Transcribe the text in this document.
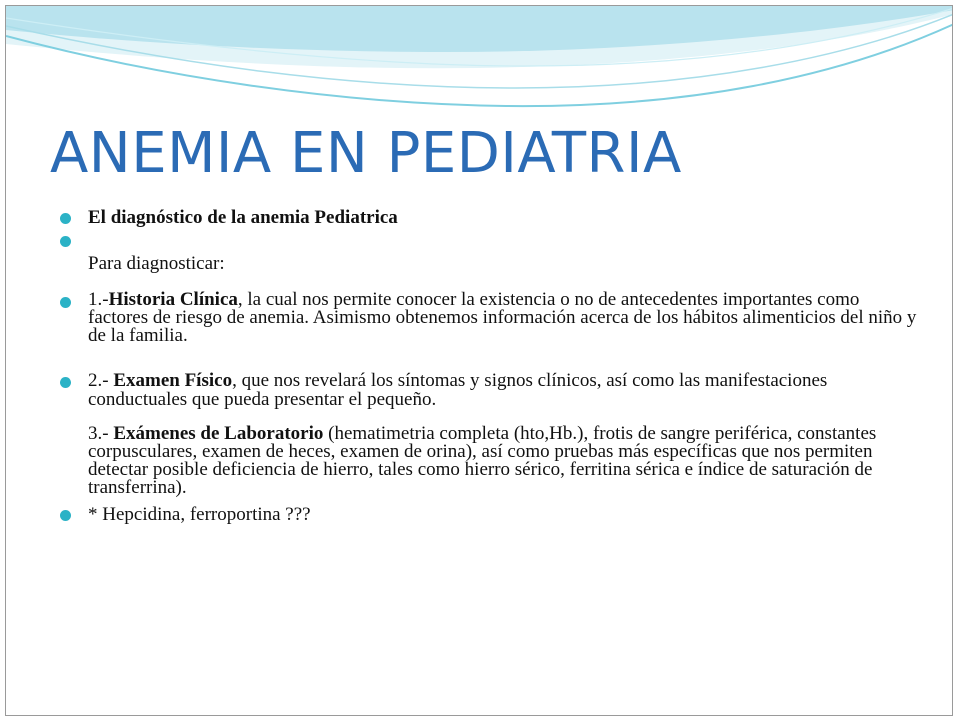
ANEMIA EN PEDIATRIA
El diagnóstico de la anemia Pediatrica
Para diagnosticar:
1.-Historia Clínica, la cual nos permite conocer la existencia o no de antecedentes importantes como factores de riesgo de anemia. Asimismo obtenemos información acerca de los hábitos alimenticios del niño y de la familia.
2.- Examen Físico, que nos revelará los síntomas y signos clínicos, así como las manifestaciones conductuales que pueda presentar el pequeño.
3.- Exámenes de Laboratorio (hematimetria completa (hto,Hb.), frotis de sangre periférica, constantes corpusculares, examen de heces, examen de orina), así como pruebas más específicas que nos permiten detectar posible deficiencia de hierro, tales como hierro sérico, ferritina sérica e índice de saturación de transferrina).
* Hepcidina, ferroportina ???
